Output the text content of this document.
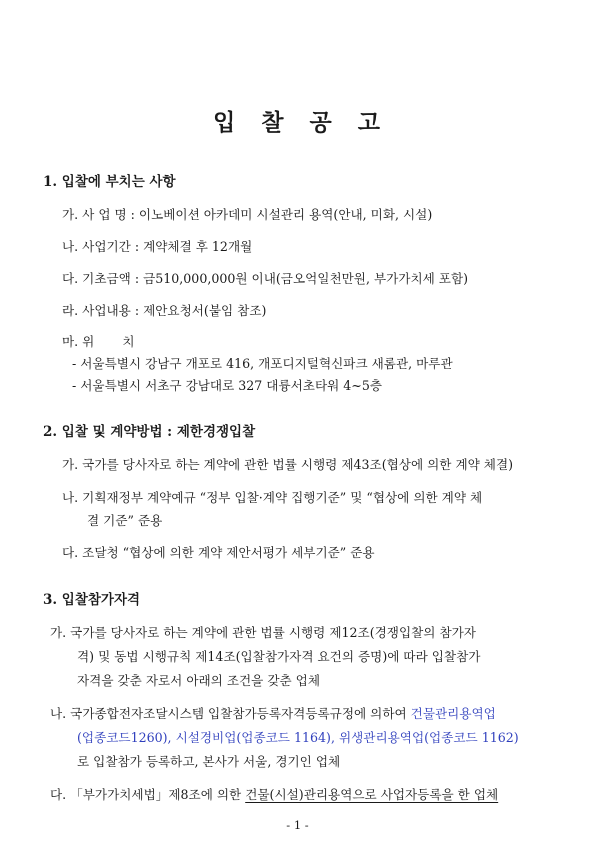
입 찰 공 고
1. 입찰에 부치는 사항
가. 사 업 명 : 이노베이션 아카데미 시설관리 용역(안내, 미화, 시설)
나. 사업기간 : 계약체결 후 12개월
다. 기초금액 : 금510,000,000원 이내(금오억일천만원, 부가가치세 포함)
라. 사업내용 : 제안요청서(붙임 참조)
마. 위       치
- 서울특별시 강남구 개포로 416, 개포디지털혁신파크 새롬관, 마루관
- 서울특별시 서초구 강남대로 327 대륭서초타워 4~5층
2. 입찰 및 계약방법 : 제한경쟁입찰
가. 국가를 당사자로 하는 계약에 관한 법률 시행령 제43조(협상에 의한 계약 체결)
나. 기획재정부 계약예규 “정부 입찰·계약 집행기준” 및 “협상에 의한 계약 체
결 기준” 준용
다. 조달청 “협상에 의한 계약 제안서평가 세부기준” 준용
3. 입찰참가자격
가. 국가를 당사자로 하는 계약에 관한 법률 시행령 제12조(경쟁입찰의 참가자
격) 및 동법 시행규칙 제14조(입찰참가자격 요건의 증명)에 따라 입찰참가
자격을 갖춘 자로서 아래의 조건을 갖춘 업체
나. 국가종합전자조달시스템 입찰참가등록자격등록규정에 의하여 건물관리용역업
(업종코드1260), 시설경비업(업종코드 1164), 위생관리용역업(업종코드 1162)
로 입찰참가 등록하고, 본사가 서울, 경기인 업체
다. 「부가가치세법」제8조에 의한 건물(시설)관리용역으로 사업자등록을 한 업체
- 1 -
